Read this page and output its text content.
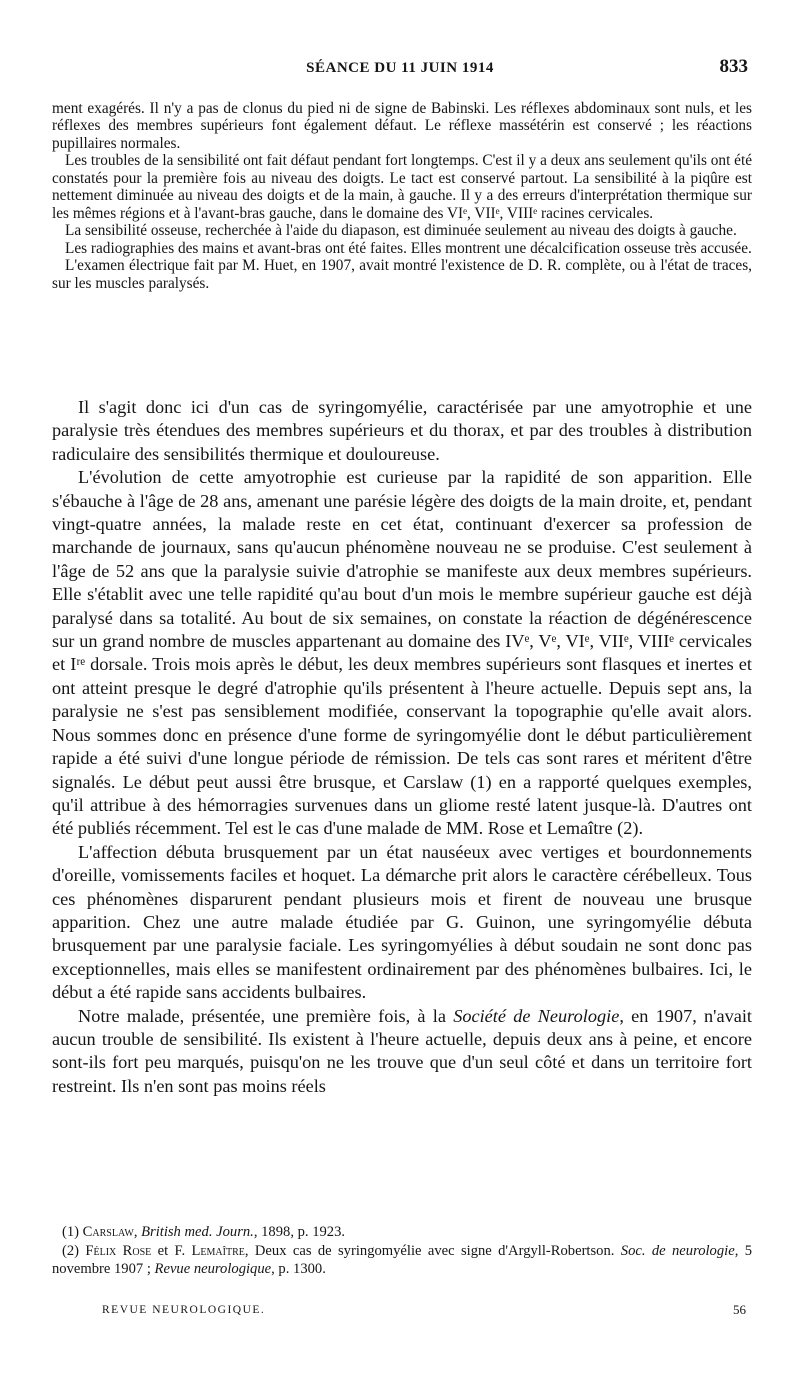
SÉANCE DU 11 JUIN 1914	833

ment exagérés. Il n'y a pas de clonus du pied ni de signe de Babinski. Les réflexes abdominaux sont nuls, et les réflexes des membres supérieurs font également défaut. Le réflexe massétérin est conservé ; les réactions pupillaires normales.

Les troubles de la sensibilité ont fait défaut pendant fort longtemps. C'est il y a deux ans seulement qu'ils ont été constatés pour la première fois au niveau des doigts. Le tact est conservé partout. La sensibilité à la piqûre est nettement diminuée au niveau des doigts et de la main, à gauche. Il y a des erreurs d'interprétation thermique sur les mêmes régions et à l'avant-bras gauche, dans le domaine des VIᵉ, VIIᵉ, VIIIᵉ racines cervicales.

La sensibilité osseuse, recherchée à l'aide du diapason, est diminuée seulement au niveau des doigts à gauche.

Les radiographies des mains et avant-bras ont été faites. Elles montrent une décalcification osseuse très accusée.

L'examen électrique fait par M. Huet, en 1907, avait montré l'existence de D. R. complète, ou à l'état de traces, sur les muscles paralysés.

Il s'agit donc ici d'un cas de syringomyélie, caractérisée par une amyotrophie et une paralysie très étendues des membres supérieurs et du thorax, et par des troubles à distribution radiculaire des sensibilités thermique et douloureuse.

L'évolution de cette amyotrophie est curieuse par la rapidité de son apparition. Elle s'ébauche à l'âge de 28 ans, amenant une parésie légère des doigts de la main droite, et, pendant vingt-quatre années, la malade reste en cet état, continuant d'exercer sa profession de marchande de journaux, sans qu'aucun phénomène nouveau ne se produise. C'est seulement à l'âge de 52 ans que la paralysie suivie d'atrophie se manifeste aux deux membres supérieurs. Elle s'établit avec une telle rapidité qu'au bout d'un mois le membre supérieur gauche est déjà paralysé dans sa totalité. Au bout de six semaines, on constate la réaction de dégénérescence sur un grand nombre de muscles appartenant au domaine des IVᵉ, Vᵉ, VIᵉ, VIIᵉ, VIIIᵉ cervicales et Iʳᵉ dorsale. Trois mois après le début, les deux membres supérieurs sont flasques et inertes et ont atteint presque le degré d'atrophie qu'ils présentent à l'heure actuelle. Depuis sept ans, la paralysie ne s'est pas sensiblement modifiée, conservant la topographie qu'elle avait alors. Nous sommes donc en présence d'une forme de syringomyélie dont le début particulièrement rapide a été suivi d'une longue période de rémission. De tels cas sont rares et méritent d'être signalés. Le début peut aussi être brusque, et Carslaw (1) en a rapporté quelques exemples, qu'il attribue à des hémorragies survenues dans un gliome resté latent jusque-là. D'autres ont été publiés récemment. Tel est le cas d'une malade de MM. Rose et Lemaître (2).

L'affection débuta brusquement par un état nauséeux avec vertiges et bourdonnements d'oreille, vomissements faciles et hoquet. La démarche prit alors le caractère cérébelleux. Tous ces phénomènes disparurent pendant plusieurs mois et firent de nouveau une brusque apparition. Chez une autre malade étudiée par G. Guinon, une syringomyélie débuta brusquement par une paralysie faciale. Les syringomyélies à début soudain ne sont donc pas exceptionnelles, mais elles se manifestent ordinairement par des phénomènes bulbaires. Ici, le début a été rapide sans accidents bulbaires.

Notre malade, présentée, une première fois, à la Société de Neurologie, en 1907, n'avait aucun trouble de sensibilité. Ils existent à l'heure actuelle, depuis deux ans à peine, et encore sont-ils fort peu marqués, puisqu'on ne les trouve que d'un seul côté et dans un territoire fort restreint. Ils n'en sont pas moins réels

(1) Carslaw, British med. Journ., 1898, p. 1923.

(2) Félix Rose et F. Lemaître, Deux cas de syringomyélie avec signe d'Argyll-Robertson. Soc. de neurologie, 5 novembre 1907 ; Revue neurologique, p. 1300.

REVUE NEUROLOGIQUE.	56
